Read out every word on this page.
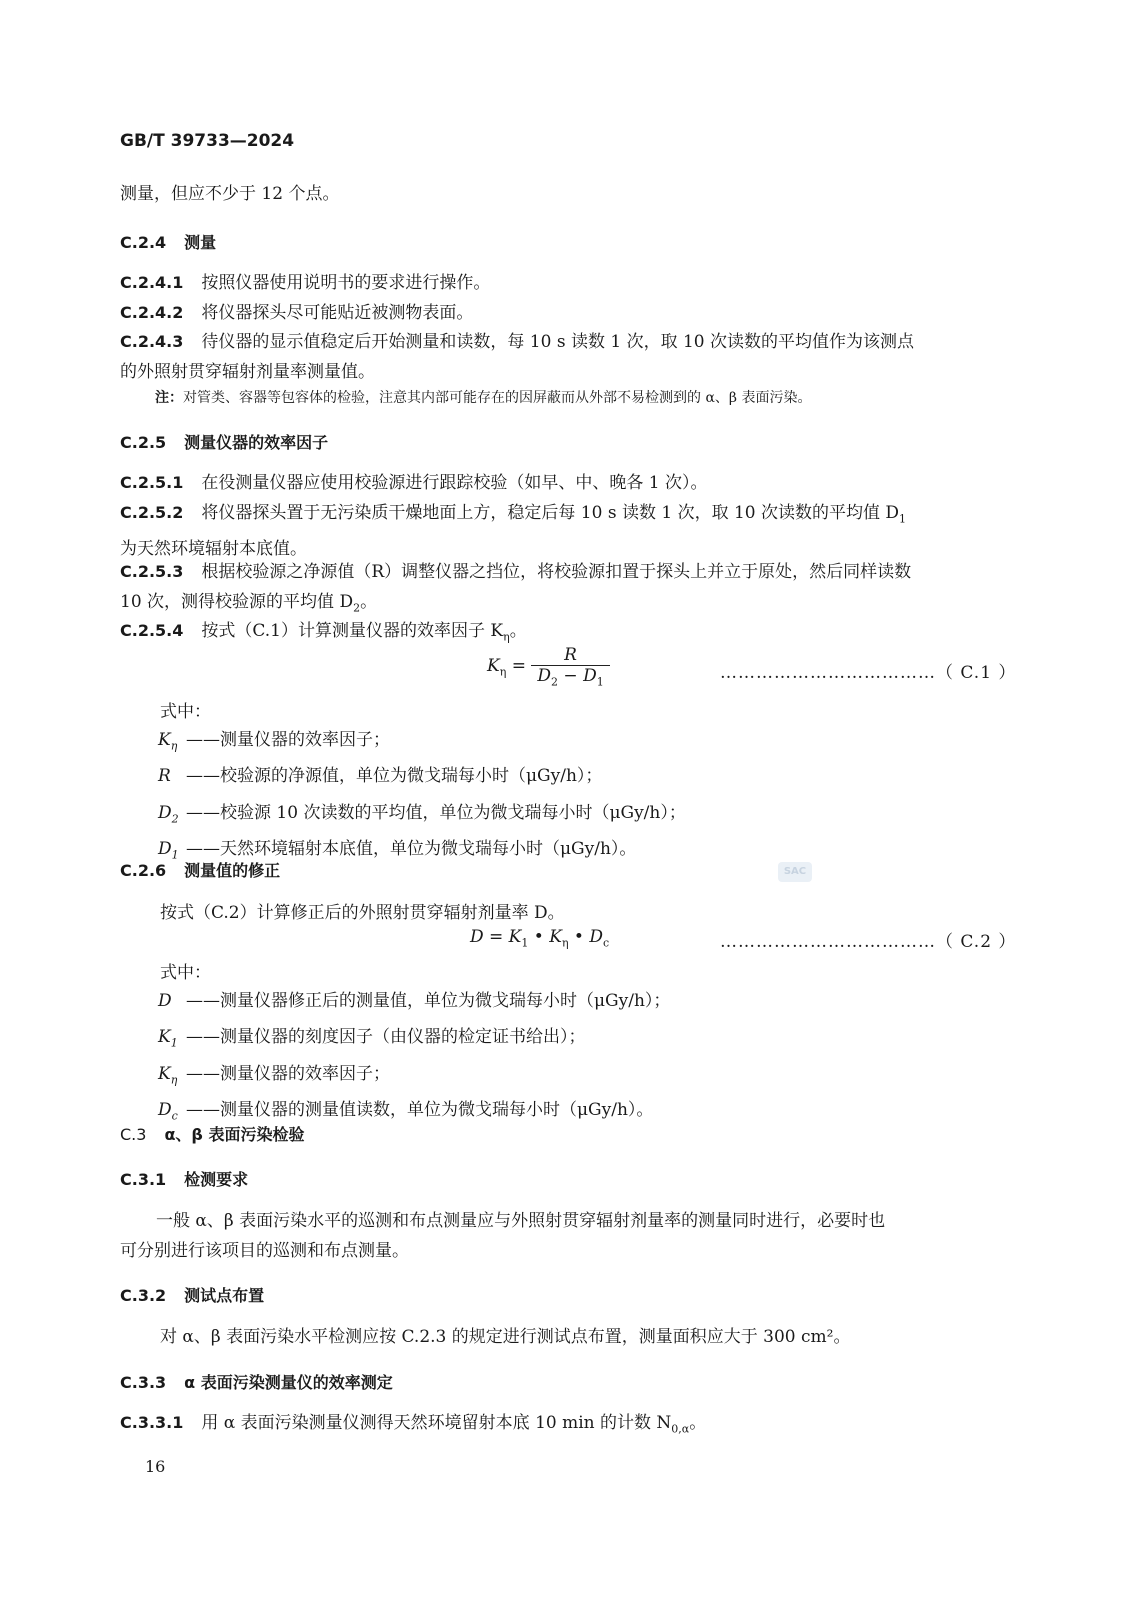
GB/T 39733—2024
测量，但应不少于 12 个点。
C.2.4 测量
C.2.4.1 按照仪器使用说明书的要求进行操作。
C.2.4.2 将仪器探头尽可能贴近被测物表面。
C.2.4.3 待仪器的显示值稳定后开始测量和读数，每 10 s 读数 1 次，取 10 次读数的平均值作为该测点
的外照射贯穿辐射剂量率测量值。
注：对管类、容器等包容体的检验，注意其内部可能存在的因屏蔽而从外部不易检测到的 α、β 表面污染。
C.2.5 测量仪器的效率因子
C.2.5.1 在役测量仪器应使用校验源进行跟踪校验（如早、中、晚各 1 次）。
C.2.5.2 将仪器探头置于无污染质干燥地面上方，稳定后每 10 s 读数 1 次，取 10 次读数的平均值 $D_1$
为天然环境辐射本底值。
C.2.5.3 根据校验源之净源值（R）调整仪器之挡位，将校验源扣置于探头上并立于原处，然后同样读数
10 次，测得校验源的平均值 $D_2$。
C.2.5.4 按式（C.1）计算测量仪器的效率因子 $K_\eta$。
$K_\eta = \frac{R}{D_2 - D_1}$	………………………………（ C.1 ）
式中：
$K_\eta$ ——测量仪器的效率因子；
R ——校验源的净源值，单位为微戈瑞每小时（μGy/h）；
$D_2$ ——校验源 10 次读数的平均值，单位为微戈瑞每小时（μGy/h）；
$D_1$ ——天然环境辐射本底值，单位为微戈瑞每小时（μGy/h）。
C.2.6 测量值的修正	SAC
按式（C.2）计算修正后的外照射贯穿辐射剂量率 D。
$D = K_1$ • $K_\eta$ • $D_c$	………………………………（ C.2 ）
式中：
D ——测量仪器修正后的测量值，单位为微戈瑞每小时（μGy/h）；
$K_1$ ——测量仪器的刻度因子（由仪器的检定证书给出）；
$K_\eta$ ——测量仪器的效率因子；
$D_c$ ——测量仪器的测量值读数，单位为微戈瑞每小时（μGy/h）。
C.3 α、β 表面污染检验
C.3.1 检测要求
一般 α、β 表面污染水平的巡测和布点测量应与外照射贯穿辐射剂量率的测量同时进行，必要时也
可分别进行该项目的巡测和布点测量。
C.3.2 测试点布置
对 α、β 表面污染水平检测应按 C.2.3 的规定进行测试点布置，测量面积应大于 300 cm²。
C.3.3 α 表面污染测量仪的效率测定
C.3.3.1 用 α 表面污染测量仪测得天然环境留射本底 10 min 的计数 $N_{0,\alpha}$。
16
